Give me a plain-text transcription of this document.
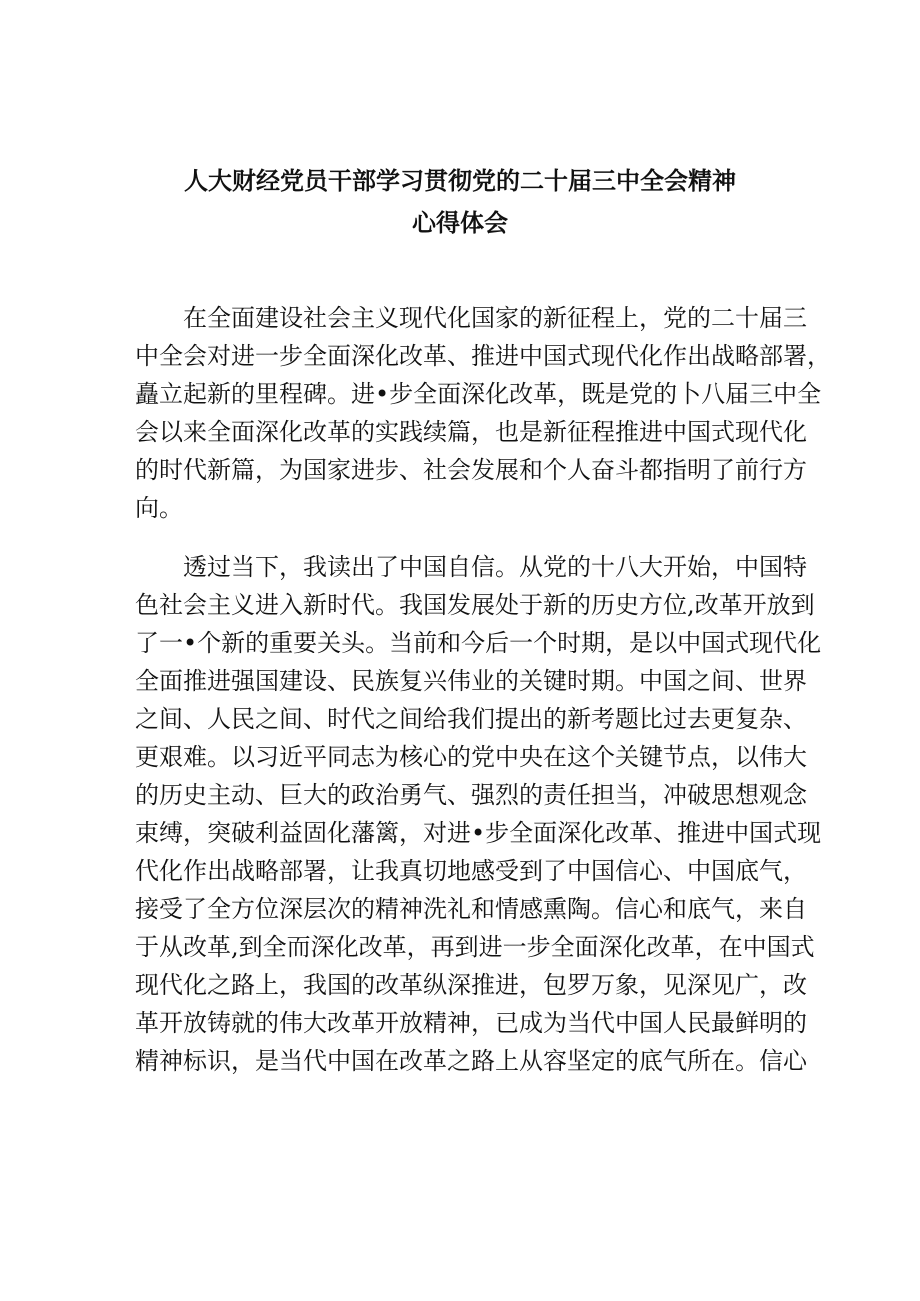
人大财经党员干部学习贯彻党的二十届三中全会精神
心得体会
在全面建设社会主义现代化国家的新征程上，党的二十届三
中全会对进一步全面深化改革、推进中国式现代化作出战略部署，
矗立起新的里程碑。进•步全面深化改革，既是党的卜八届三中全
会以来全面深化改革的实践续篇，也是新征程推进中国式现代化
的时代新篇，为国家进步、社会发展和个人奋斗都指明了前行方
向。
透过当下，我读出了中国自信。从党的十八大开始，中国特
色社会主义进入新时代。我国发展处于新的历史方位,改革开放到
了一•个新的重要关头。当前和今后一个时期，是以中国式现代化
全面推进强国建设、民族复兴伟业的关键时期。中国之间、世界
之间、人民之间、时代之间给我们提出的新考题比过去更复杂、
更艰难。以习近平同志为核心的党中央在这个关键节点，以伟大
的历史主动、巨大的政治勇气、强烈的责任担当，冲破思想观念
束缚，突破利益固化藩篱，对进•步全面深化改革、推进中国式现
代化作出战略部署，让我真切地感受到了中国信心、中国底气，
接受了全方位深层次的精神洗礼和情感熏陶。信心和底气，来自
于从改革,到全而深化改革，再到进一步全面深化改革，在中国式
现代化之路上，我国的改革纵深推进，包罗万象，见深见广，改
革开放铸就的伟大改革开放精神，已成为当代中国人民最鲜明的
精神标识，是当代中国在改革之路上从容坚定的底气所在。信心
